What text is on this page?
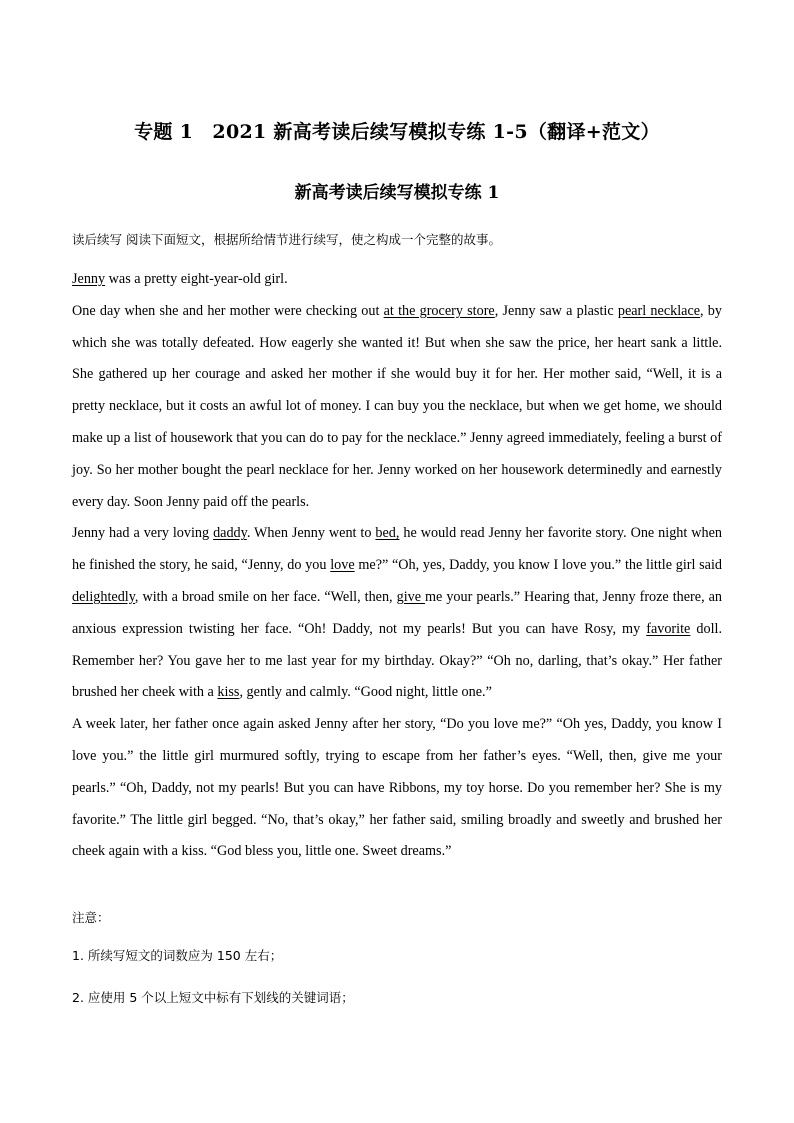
专题 1　2021 新高考读后续写模拟专练 1-5（翻译+范文）
新高考读后续写模拟专练 1
读后续写 阅读下面短文，根据所给情节进行续写，使之构成一个完整的故事。

Jenny was a pretty eight-year-old girl.

One day when she and her mother were checking out at the grocery store, Jenny saw a plastic pearl necklace, by which she was totally defeated. How eagerly she wanted it! But when she saw the price, her heart sank a little. She gathered up her courage and asked her mother if she would buy it for her. Her mother said, “Well, it is a pretty necklace, but it costs an awful lot of money. I can buy you the necklace, but when we get home, we should make up a list of housework that you can do to pay for the necklace.” Jenny agreed immediately, feeling a burst of joy. So her mother bought the pearl necklace for her. Jenny worked on her housework determinedly and earnestly every day. Soon Jenny paid off the pearls.

Jenny had a very loving daddy. When Jenny went to bed, he would read Jenny her favorite story. One night when he finished the story, he said, “Jenny, do you love me?” “Oh, yes, Daddy, you know I love you.” the little girl said delightedly, with a broad smile on her face. “Well, then, give me your pearls.” Hearing that, Jenny froze there, an anxious expression twisting her face. “Oh! Daddy, not my pearls! But you can have Rosy, my favorite doll. Remember her? You gave her to me last year for my birthday. Okay?” “Oh no, darling, that’s okay.” Her father brushed her cheek with a kiss, gently and calmly. “Good night, little one.”

A week later, her father once again asked Jenny after her story, “Do you love me?” “Oh yes, Daddy, you know I love you.” the little girl murmured softly, trying to escape from her father’s eyes. “Well, then, give me your pearls.” “Oh, Daddy, not my pearls! But you can have Ribbons, my toy horse. Do you remember her? She is my favorite.” The little girl begged. “No, that’s okay,” her father said, smiling broadly and sweetly and brushed her cheek again with a kiss. “God bless you, little one. Sweet dreams.”

注意：
1. 所续写短文的词数应为 150 左右；
2. 应使用 5 个以上短文中标有下划线的关键词语；
